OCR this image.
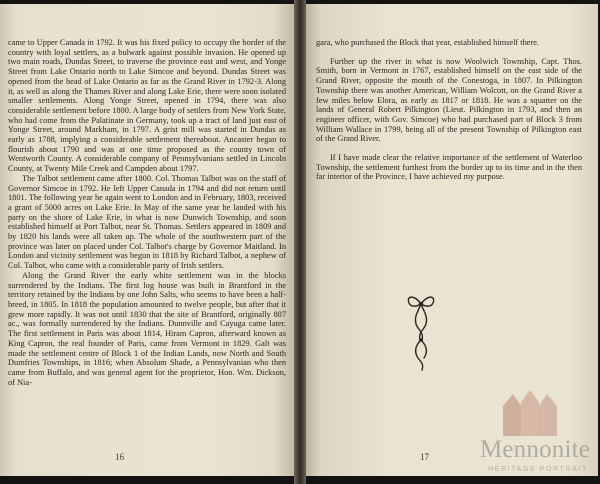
came to Upper Canada in 1792. It was his fixed policy to occupy the border of the country with loyal settlers, as a bulwark against possible invasion. He opened up two main roads, Dundas Street, to traverse the province east and west, and Yonge Street from Lake Ontario north to Lake Simcoe and beyond. Dundas Street was opened from the head of Lake Ontario as far as the Grand River in 1792-3. Along it, as well as along the Thames River and along Lake Erie, there were soon isolated smaller settlements. Along Yonge Street, opened in 1794, there was also considerable settlement before 1800. A large body of settlers from New York State, who had come from the Palatinate in Germany, took up a tract of land just east of Yonge Street, around Markham, in 1797. A grist mill was started in Dundas as early as 1788, implying a considerable settlement thereabout. Ancaster began to flourish about 1790 and was at one time proposed as the county town of Wentworth County. A considerable company of Pennsylvanians settled in Lincoln County, at Twenty Mile Creek and Campden about 1797.

The Talbot settlement came after 1800. Col. Thomas Talbot was on the staff of Governor Simcoe in 1792. He left Upper Canada in 1794 and did not return until 1801. The following year he again went to London and in February, 1803, received a grant of 5000 acres on Lake Erie. In May of the same year he landed with his party on the shore of Lake Erie, in what is now Dunwich Township, and soon established himself at Port Talbot, near St. Thomas. Settlers appeared in 1809 and by 1820 his lands were all taken up. The whole of the southwestern part of the province was later on placed under Col. Talbot's charge by Governor Maitland. In London and vicinity settlement was begun in 1818 by Richard Talbot, a nephew of Col. Talbot, who came with a considerable party of Irish settlers.

Along the Grand River the early white settlement was in the blocks surrendered by the Indians. The first log house was built in Brantford in the territory retained by the Indians by one John Salts, who seems to have been a half-breed, in 1805. In 1818 the population amounted to twelve people, but after that it grew more rapidly. It was not until 1830 that the site of Brantford, originally 807 ac., was formally surrendered by the Indians. Dunnville and Cayuga came later. The first settlement in Paris was about 1814, Hiram Capron, afterward known as King Capron, the real founder of Paris, came from Vermont in 1829. Galt was made the settlement centre of Block 1 of the Indian Lands, now North and South Dumfries Townships, in 1816; when Absolum Shade, a Pennsylvanian who then came from Buffalo, and was general agent for the proprietor, Hon. Wm. Dickson, of Nia-

16

gara, who purchased the Block that year, established himself there.

Further up the river in what is now Woolwich Township, Capt. Thos. Smith, born in Vermont in 1767, established himself on the east side of the Grand River, opposite the mouth of the Conestoga, in 1807. In Pilkington Township there was another American, William Wolcott, on the Grand River a few miles below Elora, as early as 1817 or 1818. He was a squatter on the lands of General Robert Pilkington (Lieut. Pilkington in 1793, and then an engineer officer, with Gov. Simcoe) who had purchased part of Block 3 from William Wallace in 1799, being all of the present Township of Pilkington east of the Grand River.

If I have made clear the relative importance of the settlement of Waterloo Township, the settlement furthest from the border up to its time and in the then far interior of the Province, I have achieved my purpose.

17	Mennonite
HERITAGE PORTRAIT
